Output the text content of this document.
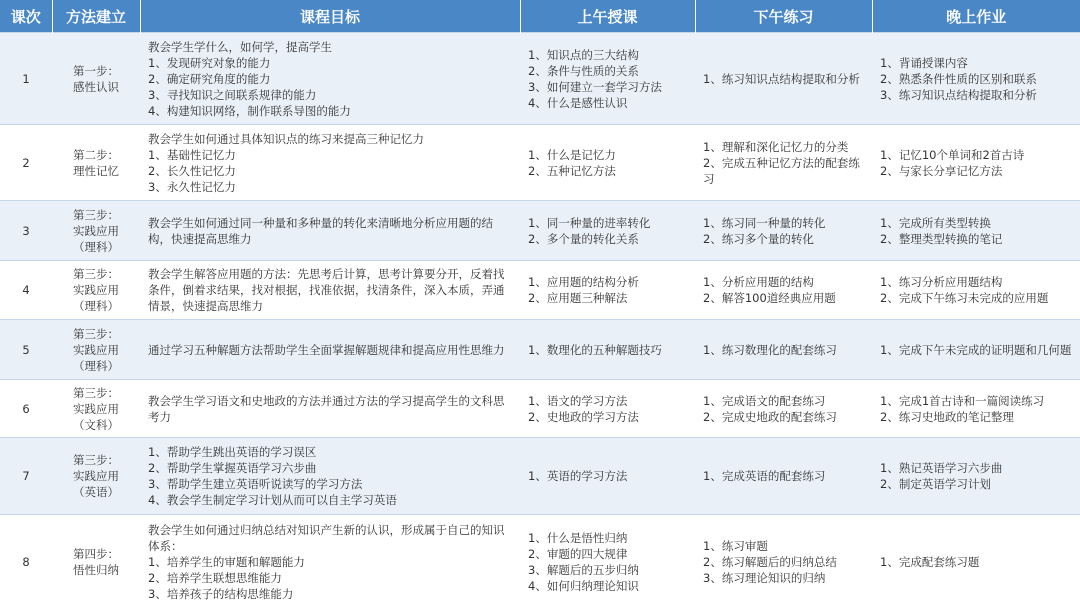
课次	方法建立	课程目标	上午授课	下午练习	晚上作业
1	第一步：
感性认识	教会学生学什么，如何学，提高学生
1、发现研究对象的能力
2、确定研究角度的能力
3、寻找知识之间联系规律的能力
4、构建知识网络，制作联系导图的能力	1、知识点的三大结构
2、条件与性质的关系
3、如何建立一套学习方法
4、什么是感性认识	1、练习知识点结构提取和分析	1、背诵授课内容
2、熟悉条件性质的区别和联系
3、练习知识点结构提取和分析

2	第二步：
理性记忆	教会学生如何通过具体知识点的练习来提高三种记忆力
1、基础性记忆力
2、长久性记忆力
3、永久性记忆力	1、什么是记忆力
2、五种记忆方法	1、理解和深化记忆力的分类
2、完成五种记忆方法的配套练习	1、记忆10个单词和2首古诗
2、与家长分享记忆方法

3	第三步：
实践应用
（理科）	教会学生如何通过同一种量和多种量的转化来清晰地分析应用题的结构，快速提高思维力	1、同一种量的进率转化
2、多个量的转化关系	1、练习同一种量的转化
2、练习多个量的转化	1、完成所有类型转换
2、整理类型转换的笔记

4	第三步：
实践应用
（理科）	教会学生解答应用题的方法：先思考后计算，思考计算要分开，反着找条件，倒着求结果，找对根据，找准依据，找清条件，深入本质，弄通情景，快速提高思维力	1、应用题的结构分析
2、应用题三种解法	1、分析应用题的结构
2、解答100道经典应用题	1、练习分析应用题结构
2、完成下午练习未完成的应用题

5	第三步：
实践应用
（理科）	通过学习五种解题方法帮助学生全面掌握解题规律和提高应用性思维力	1、数理化的五种解题技巧	1、练习数理化的配套练习	1、完成下午未完成的证明题和几何题

6	第三步：
实践应用
（文科）	教会学生学习语文和史地政的方法并通过方法的学习提高学生的文科思考力	1、语文的学习方法
2、史地政的学习方法	1、完成语文的配套练习
2、完成史地政的配套练习	1、完成1首古诗和一篇阅读练习
2、练习史地政的笔记整理

7	第三步：
实践应用
（英语）	1、帮助学生跳出英语的学习误区
2、帮助学生掌握英语学习六步曲
3、帮助学生建立英语听说读写的学习方法
4、教会学生制定学习计划从而可以自主学习英语	1、英语的学习方法	1、完成英语的配套练习	1、熟记英语学习六步曲
2、制定英语学习计划

8	第四步：
悟性归纳	教会学生如何通过归纳总结对知识产生新的认识，形成属于自己的知识体系：
1、培养学生的审题和解题能力
2、培养学生联想思维能力
3、培养孩子的结构思维能力	1、什么是悟性归纳
2、审题的四大规律
3、解题后的五步归纳
4、如何归纳理论知识	1、练习审题
2、练习解题后的归纳总结
3、练习理论知识的归纳	1、完成配套练习题
